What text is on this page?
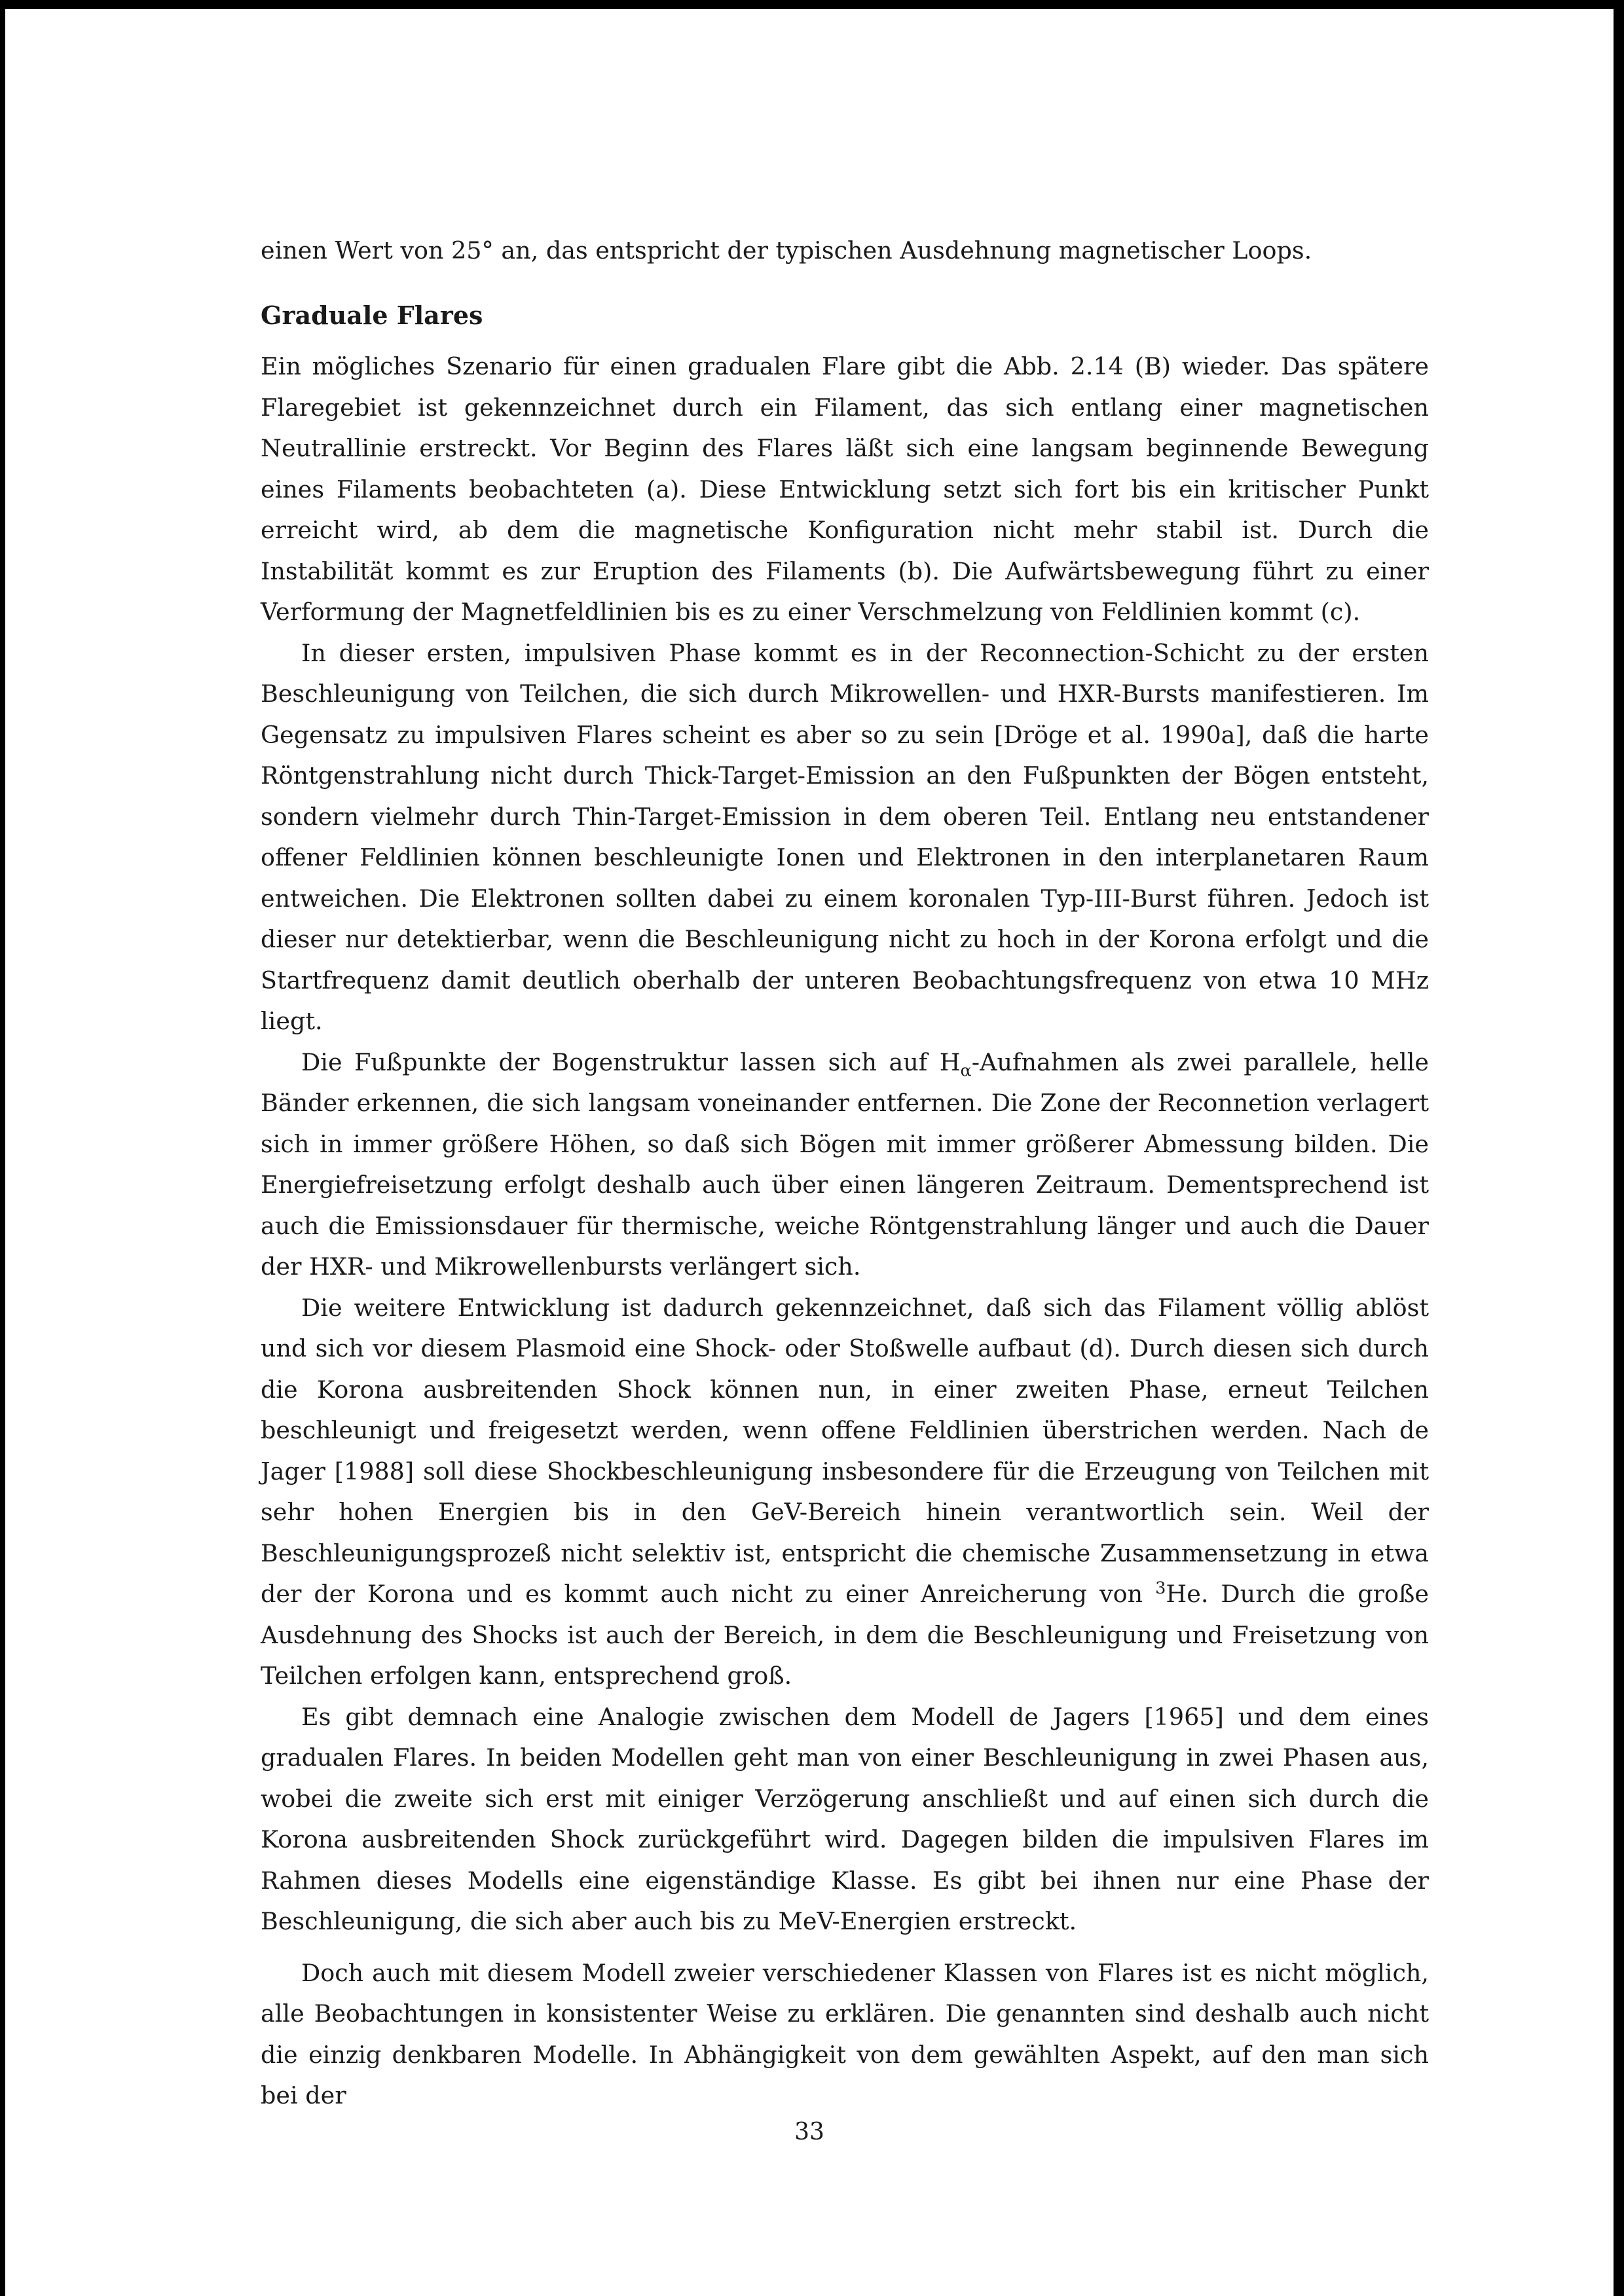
einen Wert von 25° an, das entspricht der typischen Ausdehnung magnetischer Loops.

Graduale Flares

Ein mögliches Szenario für einen gradualen Flare gibt die Abb. 2.14 (B) wieder. Das spätere Flaregebiet ist gekennzeichnet durch ein Filament, das sich entlang einer magnetischen Neutrallinie erstreckt. Vor Beginn des Flares läßt sich eine langsam beginnende Bewegung eines Filaments beobachteten (a). Diese Entwicklung setzt sich fort bis ein kritischer Punkt erreicht wird, ab dem die magnetische Konfiguration nicht mehr stabil ist. Durch die Instabilität kommt es zur Eruption des Filaments (b). Die Aufwärtsbewegung führt zu einer Verformung der Magnetfeldlinien bis es zu einer Verschmelzung von Feldlinien kommt (c).

In dieser ersten, impulsiven Phase kommt es in der Reconnection-Schicht zu der ersten Beschleunigung von Teilchen, die sich durch Mikrowellen- und HXR-Bursts manifestieren. Im Gegensatz zu impulsiven Flares scheint es aber so zu sein [Dröge et al. 1990a], daß die harte Röntgenstrahlung nicht durch Thick-Target-Emission an den Fußpunkten der Bögen entsteht, sondern vielmehr durch Thin-Target-Emission in dem oberen Teil. Entlang neu entstandener offener Feldlinien können beschleunigte Ionen und Elektronen in den interplanetaren Raum entweichen. Die Elektronen sollten dabei zu einem koronalen Typ-III-Burst führen. Jedoch ist dieser nur detektierbar, wenn die Beschleunigung nicht zu hoch in der Korona erfolgt und die Startfrequenz damit deutlich oberhalb der unteren Beobachtungsfrequenz von etwa 10 MHz liegt.

Die Fußpunkte der Bogenstruktur lassen sich auf $H_\alpha$-Aufnahmen als zwei parallele, helle Bänder erkennen, die sich langsam voneinander entfernen. Die Zone der Reconnetion verlagert sich in immer größere Höhen, so daß sich Bögen mit immer größerer Abmessung bilden. Die Energiefreisetzung erfolgt deshalb auch über einen längeren Zeitraum. Dementsprechend ist auch die Emissionsdauer für thermische, weiche Röntgenstrahlung länger und auch die Dauer der HXR- und Mikrowellenbursts verlängert sich.

Die weitere Entwicklung ist dadurch gekennzeichnet, daß sich das Filament völlig ablöst und sich vor diesem Plasmoid eine Shock- oder Stoßwelle aufbaut (d). Durch diesen sich durch die Korona ausbreitenden Shock können nun, in einer zweiten Phase, erneut Teilchen beschleunigt und freigesetzt werden, wenn offene Feldlinien überstrichen werden. Nach de Jager [1988] soll diese Shockbeschleunigung insbesondere für die Erzeugung von Teilchen mit sehr hohen Energien bis in den GeV-Bereich hinein verantwortlich sein. Weil der Beschleunigungsprozeß nicht selektiv ist, entspricht die chemische Zusammensetzung in etwa der der Korona und es kommt auch nicht zu einer Anreicherung von $^3$He. Durch die große Ausdehnung des Shocks ist auch der Bereich, in dem die Beschleunigung und Freisetzung von Teilchen erfolgen kann, entsprechend groß.

Es gibt demnach eine Analogie zwischen dem Modell de Jagers [1965] und dem eines gradualen Flares. In beiden Modellen geht man von einer Beschleunigung in zwei Phasen aus, wobei die zweite sich erst mit einiger Verzögerung anschließt und auf einen sich durch die Korona ausbreitenden Shock zurückgeführt wird. Dagegen bilden die impulsiven Flares im Rahmen dieses Modells eine eigenständige Klasse. Es gibt bei ihnen nur eine Phase der Beschleunigung, die sich aber auch bis zu MeV-Energien erstreckt.

Doch auch mit diesem Modell zweier verschiedener Klassen von Flares ist es nicht möglich, alle Beobachtungen in konsistenter Weise zu erklären. Die genannten sind deshalb auch nicht die einzig denkbaren Modelle. In Abhängigkeit von dem gewählten Aspekt, auf den man sich bei der

33
